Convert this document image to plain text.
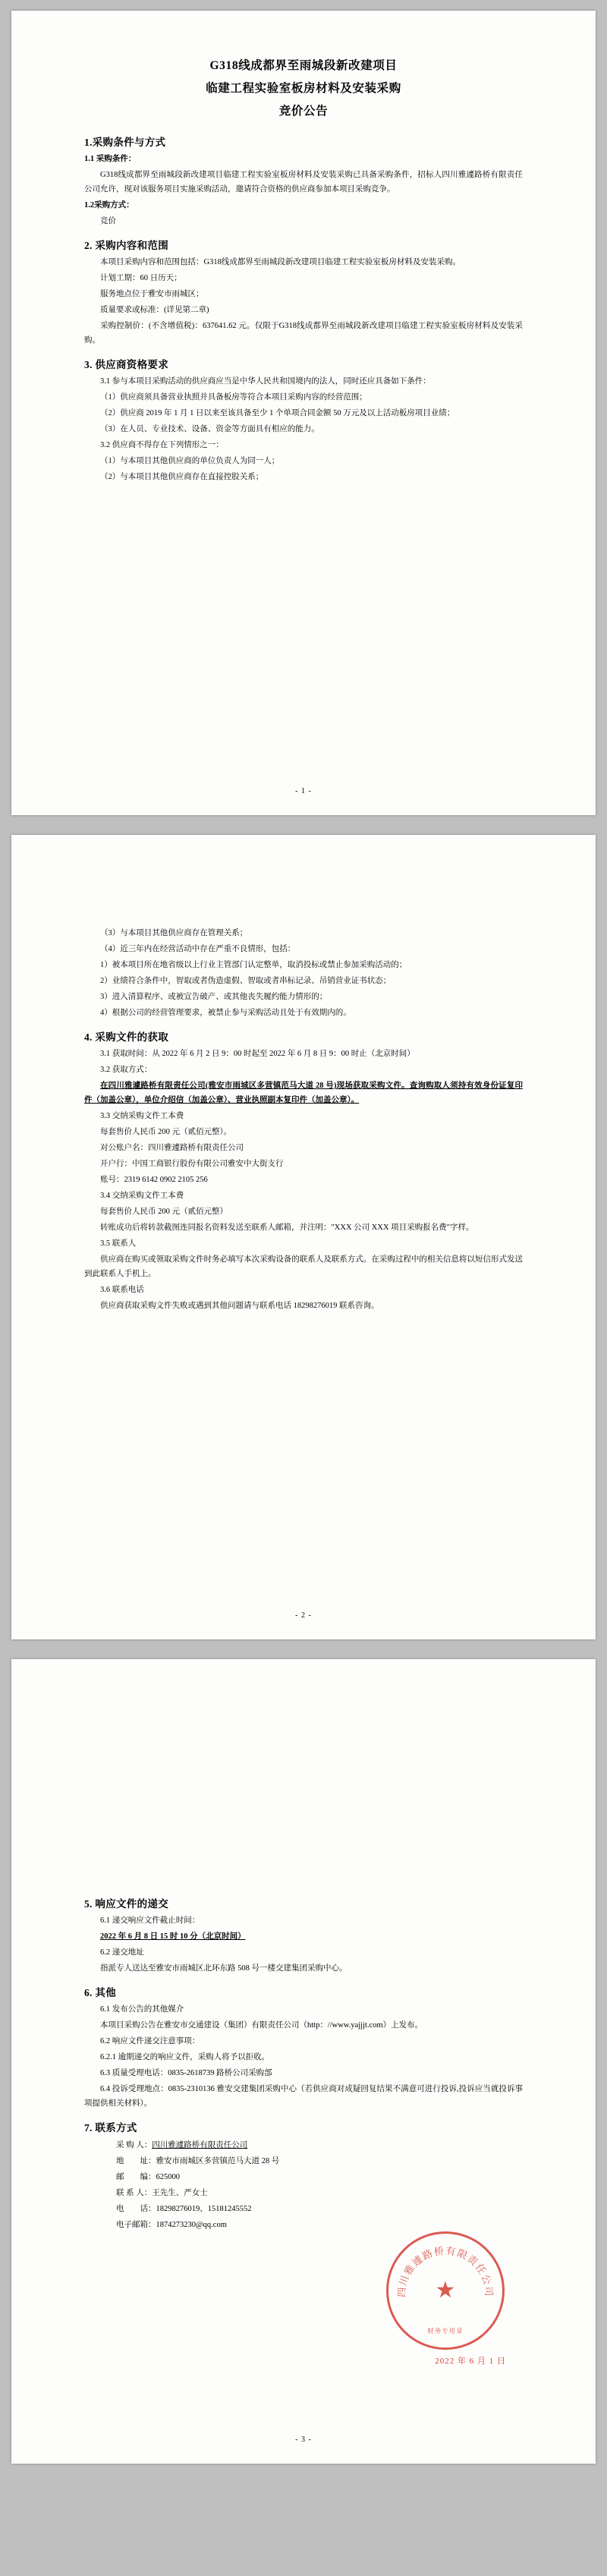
G318线成都界至雨城段新改建项目
临建工程实验室板房材料及安装采购
竞价公告
1.采购条件与方式

1.1 采购条件：

G318线成都界至雨城段新改建项目临建工程实验室板房材料及安装采购已具备采购条件，招标人四川雅遽路桥有限责任公司允许，现对该服务项目实施采购活动，邀请符合资格的供应商参加本项目采购竞争。

1.2采购方式：

竞价

2. 采购内容和范围

本项目采购内容和范围包括：G318线成都界至雨城段新改建项目临建工程实验室板房材料及安装采购。

计划工期：60 日历天；

服务地点位于雅安市雨城区；

质量要求或标准：(详见第二章)

采购控制价：(不含增值税)：637641.62 元。仅限于G318线成都界至雨城段新改建项目临建工程实验室板房材料及安装采购。

3. 供应商资格要求

3.1 参与本项目采购活动的供应商应当是中华人民共和国境内的法人，同时还应具备如下条件：

（1）供应商须具备营业执照并具备板房等符合本项目采购内容的经营范围；

（2）供应商 2019 年 1 月 1 日以来至该具备至少 1 个单项合同金额 50 万元及以上活动板房项目业绩；

（3）在人员、专业技术、设备、资金等方面具有相应的能力。

3.2 供应商不得存在下列情形之一：

（1）与本项目其他供应商的单位负责人为同一人；

（2）与本项目其他供应商存在直接控股关系；

- 1 -

（3）与本项目其他供应商存在管理关系；

（4）近三年内在经营活动中存在严重不良情形，包括：

1）被本项目所在地省级以上行业主管部门认定整单，取消投标或禁止参加采购活动的；

2）业绩符合条件中，智取或者伪造虚假、智取或者串标记录、吊销营业证书状态；

3）进入清算程序、或被宣告破产、或其他丧失履约能力情形的；

4）根据公司的经营管理要求，被禁止参与采购活动且处于有效期内的。

4. 采购文件的获取

3.1 获取时间：从 2022 年 6 月 2 日 9：00 时起至 2022 年 6 月 8 日 9：00 时止（北京时间）

3.2 获取方式：

在四川雅遽路桥有限责任公司(雅安市雨城区多营镇范马大道 28 号)现场获取采购文件。查询购取人须持有效身份证复印件（加盖公章），单位介绍信（加盖公章）、营业执照副本复印件（加盖公章）。

3.3 交纳采购文件工本费

每套售价人民币 200 元（贰佰元整）。

对公账户名：四川雅遽路桥有限责任公司

开户行：中国工商银行股份有限公司雅安中大街支行

账号：2319 6142 0902 2105 256

3.4 交纳采购文件工本费

每套售价人民币 200 元（贰佰元整）

转账成功后将转款截图连同报名资料发送至联系人邮箱，并注明："XXX 公司 XXX 项目采购报名费"字样。

3.5 联系人

供应商在购买或领取采购文件时务必填写本次采购设备的联系人及联系方式。在采购过程中的相关信息将以短信形式发送到此联系人手机上。

3.6 联系电话

供应商获取采购文件失败或遇到其他问题请与联系电话 18298276019 联系咨询。

- 2 -
5. 响应文件的递交

6.1 递交响应文件截止时间：

2022 年 6 月 8 日 15 时 10 分（北京时间）

6.2 递交地址

指派专人送达至雅安市雨城区北环东路 508 号一楼交建集团采购中心。

6. 其他

6.1 发布公告的其他媒介

本项目采购公告在雅安市交通建设（集团）有限责任公司（http：//www.yajjjt.com）上发布。

6.2 响应文件递交注意事项：

6.2.1 逾期递交的响应文件，采购人将予以拒收。

6.3 质量受理电话：0835-2618739 路桥公司采购部

6.4 投诉受理地点：0835-2310136 雅安交建集团采购中心（若供应商对成疑回复结果不满意可进行投诉,投诉应当就投诉事项提供相关材料）。

7. 联系方式

采 购 人：四川雅遽路桥有限责任公司

地　　址：雅安市雨城区多营镇范马大道 28 号

邮　　编：625000

联 系 人：王先生、严女士

电　　话：18298276019、15181245552

电子邮箱：1874273230@qq.com

四川雅遽路桥有限责任公司
★
财务专用章
2022 年 6 月 1 日
- 3 -
